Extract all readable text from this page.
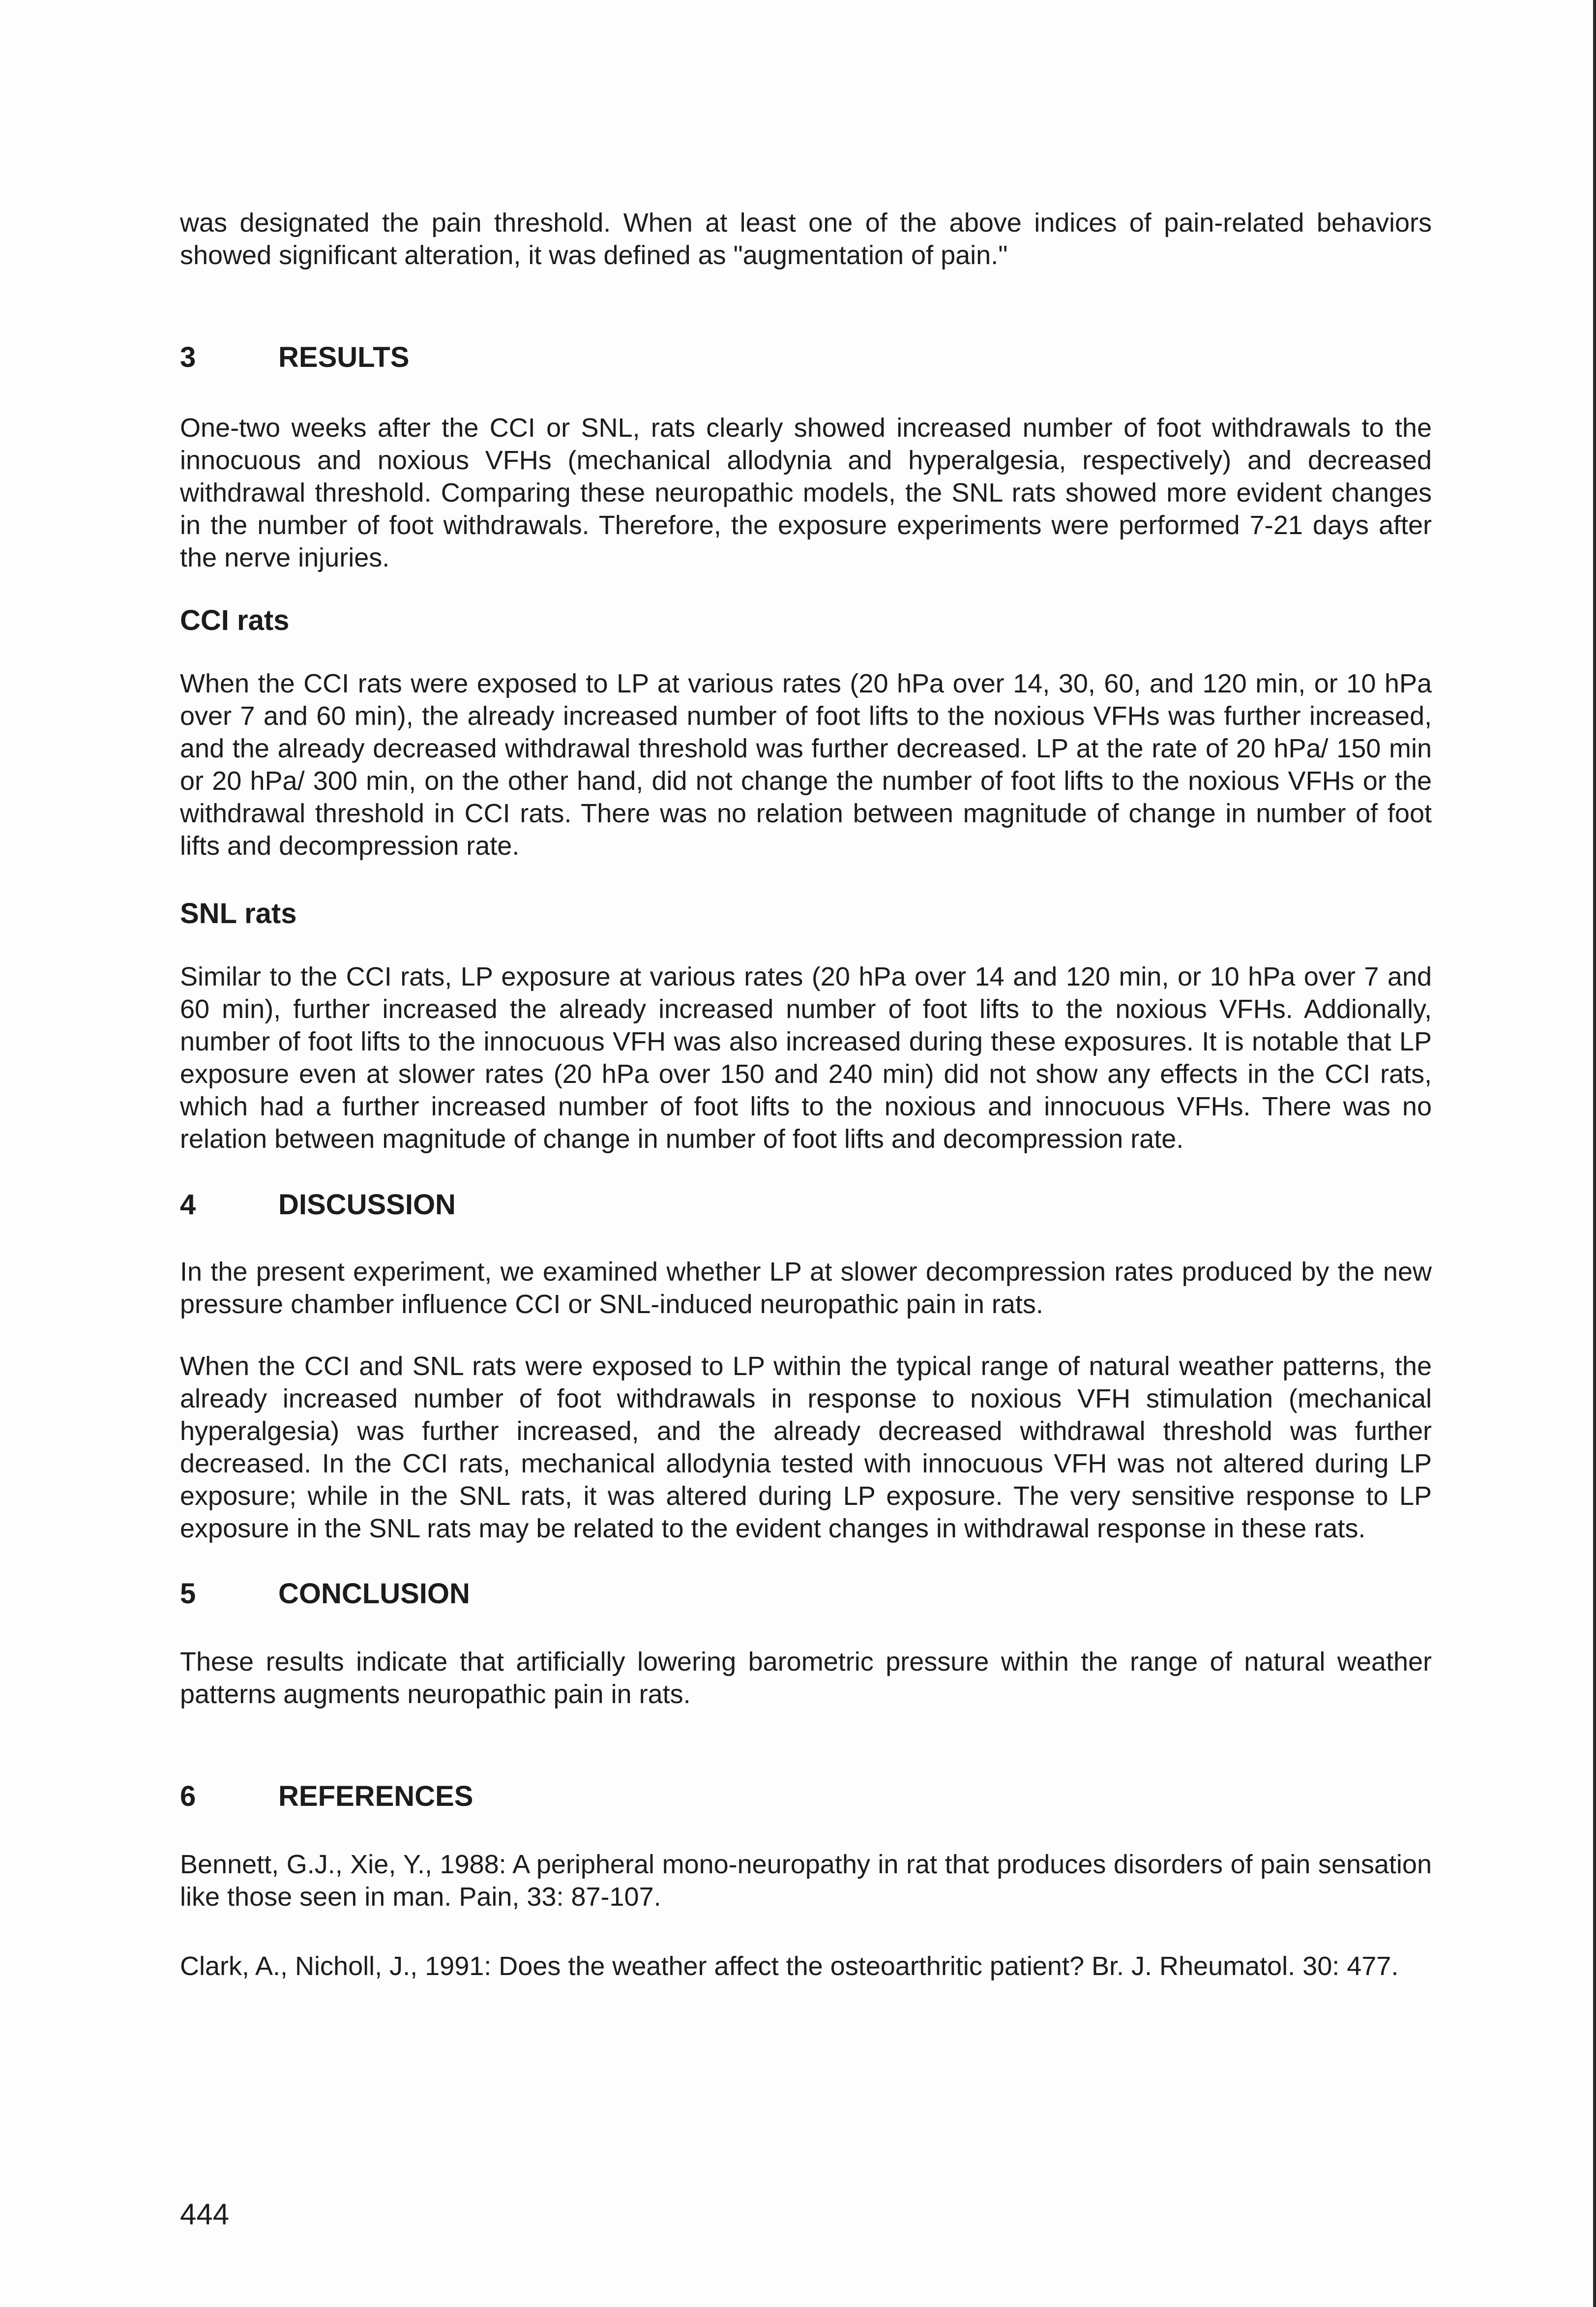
was designated the pain threshold. When at least one of the above indices of pain-related behaviors showed significant alteration, it was defined as "augmentation of pain."

3	RESULTS

One-two weeks after the CCI or SNL, rats clearly showed increased number of foot withdrawals to the innocuous and noxious VFHs (mechanical allodynia and hyperalgesia, respectively) and decreased withdrawal threshold. Comparing these neuropathic models, the SNL rats showed more evident changes in the number of foot withdrawals. Therefore, the exposure experiments were performed 7-21 days after the nerve injuries.

CCI rats

When the CCI rats were exposed to LP at various rates (20 hPa over 14, 30, 60, and 120 min, or 10 hPa over 7 and 60 min), the already increased number of foot lifts to the noxious VFHs was further increased, and the already decreased withdrawal threshold was further decreased. LP at the rate of 20 hPa/ 150 min or 20 hPa/ 300 min, on the other hand, did not change the number of foot lifts to the noxious VFHs or the withdrawal threshold in CCI rats. There was no relation between magnitude of change in number of foot lifts and decompression rate.

SNL rats

Similar to the CCI rats, LP exposure at various rates (20 hPa over 14 and 120 min, or 10 hPa over 7 and 60 min), further increased the already increased number of foot lifts to the noxious VFHs. Addionally, number of foot lifts to the innocuous VFH was also increased during these exposures. It is notable that LP exposure even at slower rates (20 hPa over 150 and 240 min) did not show any effects in the CCI rats, which had a further increased number of foot lifts to the noxious and innocuous VFHs. There was no relation between magnitude of change in number of foot lifts and decompression rate.

4	DISCUSSION

In the present experiment, we examined whether LP at slower decompression rates produced by the new pressure chamber influence CCI or SNL-induced neuropathic pain in rats.

When the CCI and SNL rats were exposed to LP within the typical range of natural weather patterns, the already increased number of foot withdrawals in response to noxious VFH stimulation (mechanical hyperalgesia) was further increased, and the already decreased withdrawal threshold was further decreased. In the CCI rats, mechanical allodynia tested with innocuous VFH was not altered during LP exposure; while in the SNL rats, it was altered during LP exposure. The very sensitive response to LP exposure in the SNL rats may be related to the evident changes in withdrawal response in these rats.

5	CONCLUSION

These results indicate that artificially lowering barometric pressure within the range of natural weather patterns augments neuropathic pain in rats.

6	REFERENCES

Bennett, G.J., Xie, Y., 1988: A peripheral mono-neuropathy in rat that produces disorders of pain sensation like those seen in man. Pain, 33: 87-107.

Clark, A., Nicholl, J., 1991: Does the weather affect the osteoarthritic patient? Br. J. Rheumatol. 30: 477.

444
